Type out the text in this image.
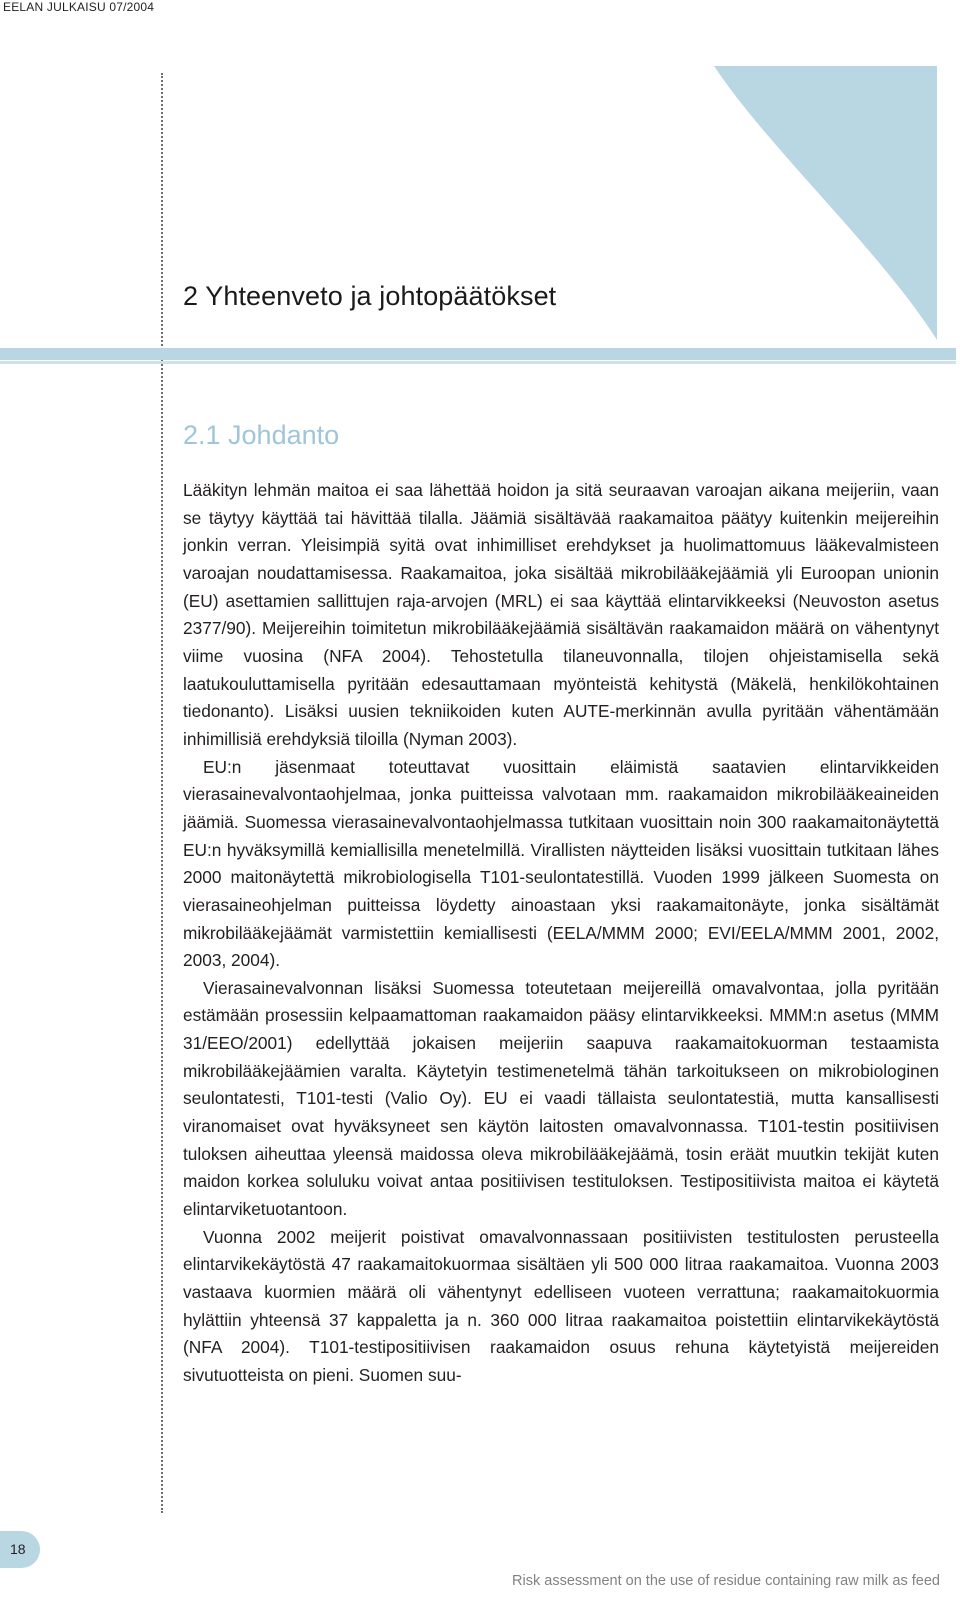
EELAN JULKAISU 07/2004
2 Yhteenveto ja johtopäätökset
2.1 Johdanto

Lääkityn lehmän maitoa ei saa lähettää hoidon ja sitä seuraavan varoajan aikana meijeriin, vaan se täytyy käyttää tai hävittää tilalla. Jäämiä sisältävää raakamaitoa päätyy kuitenkin meijereihin jonkin verran. Yleisimpiä syitä ovat inhimilliset erehdykset ja huolimattomuus lääkevalmisteen varoajan noudattamisessa. Raakamaitoa, joka sisältää mikrobilääkejäämiä yli Euroopan unionin (EU) asettamien sallittujen raja-arvojen (MRL) ei saa käyttää elintarvikkeeksi (Neuvoston asetus 2377/90). Meijereihin toimitetun mikrobilääkejäämiä sisältävän raakamaidon määrä on vähentynyt viime vuosina (NFA 2004). Tehostetulla tilaneuvonnalla, tilojen ohjeistamisella sekä laatukouluttamisella pyritään edesauttamaan myönteistä kehitystä (Mäkelä, henkilökohtainen tiedonanto). Lisäksi uusien tekniikoiden kuten AUTE-merkinnän avulla pyritään vähentämään inhimillisiä erehdyksiä tiloilla (Nyman 2003).

EU:n jäsenmaat toteuttavat vuosittain eläimistä saatavien elintarvikkeiden vierasainevalvontaohjelmaa, jonka puitteissa valvotaan mm. raakamaidon mikrobilääkeaineiden jäämiä. Suomessa vierasainevalvontaohjelmassa tutkitaan vuosittain noin 300 raakamaitonäytettä EU:n hyväksymillä kemiallisilla menetelmillä. Virallisten näytteiden lisäksi vuosittain tutkitaan lähes 2000 maitonäytettä mikrobiologisella T101-seulontatestillä. Vuoden 1999 jälkeen Suomesta on vierasaineohjelman puitteissa löydetty ainoastaan yksi raakamaitonäyte, jonka sisältämät mikrobilääkejäämät varmistettiin kemiallisesti (EELA/MMM 2000; EVI/EELA/MMM 2001, 2002, 2003, 2004).

Vierasainevalvonnan lisäksi Suomessa toteutetaan meijereillä omavalvontaa, jolla pyritään estämään prosessiin kelpaamattoman raakamaidon pääsy elintarvikkeeksi. MMM:n asetus (MMM 31/EEO/2001) edellyttää jokaisen meijeriin saapuva raakamaitokuorman testaamista mikrobilääkejäämien varalta. Käytetyin testimenetelmä tähän tarkoitukseen on mikrobiologinen seulontatesti, T101-testi (Valio Oy). EU ei vaadi tällaista seulontatestiä, mutta kansallisesti viranomaiset ovat hyväksyneet sen käytön laitosten omavalvonnassa. T101-testin positiivisen tuloksen aiheuttaa yleensä maidossa oleva mikrobilääkejäämä, tosin eräät muutkin tekijät kuten maidon korkea soluluku voivat antaa positiivisen testituloksen. Testipositiivista maitoa ei käytetä elintarviketuotantoon.

Vuonna 2002 meijerit poistivat omavalvonnassaan positiivisten testitulosten perusteella elintarvikekäytöstä 47 raakamaitokuormaa sisältäen yli 500 000 litraa raakamaitoa. Vuonna 2003 vastaava kuormien määrä oli vähentynyt edelliseen vuoteen verrattuna; raakamaitokuormia hylättiin yhteensä 37 kappaletta ja n. 360 000 litraa raakamaitoa poistettiin elintarvikekäytöstä (NFA 2004). T101-testipositiivisen raakamaidon osuus rehuna käytetyistä meijereiden sivutuotteista on pieni. Suomen suu-

18
Risk assessment on the use of residue containing raw milk as feed
